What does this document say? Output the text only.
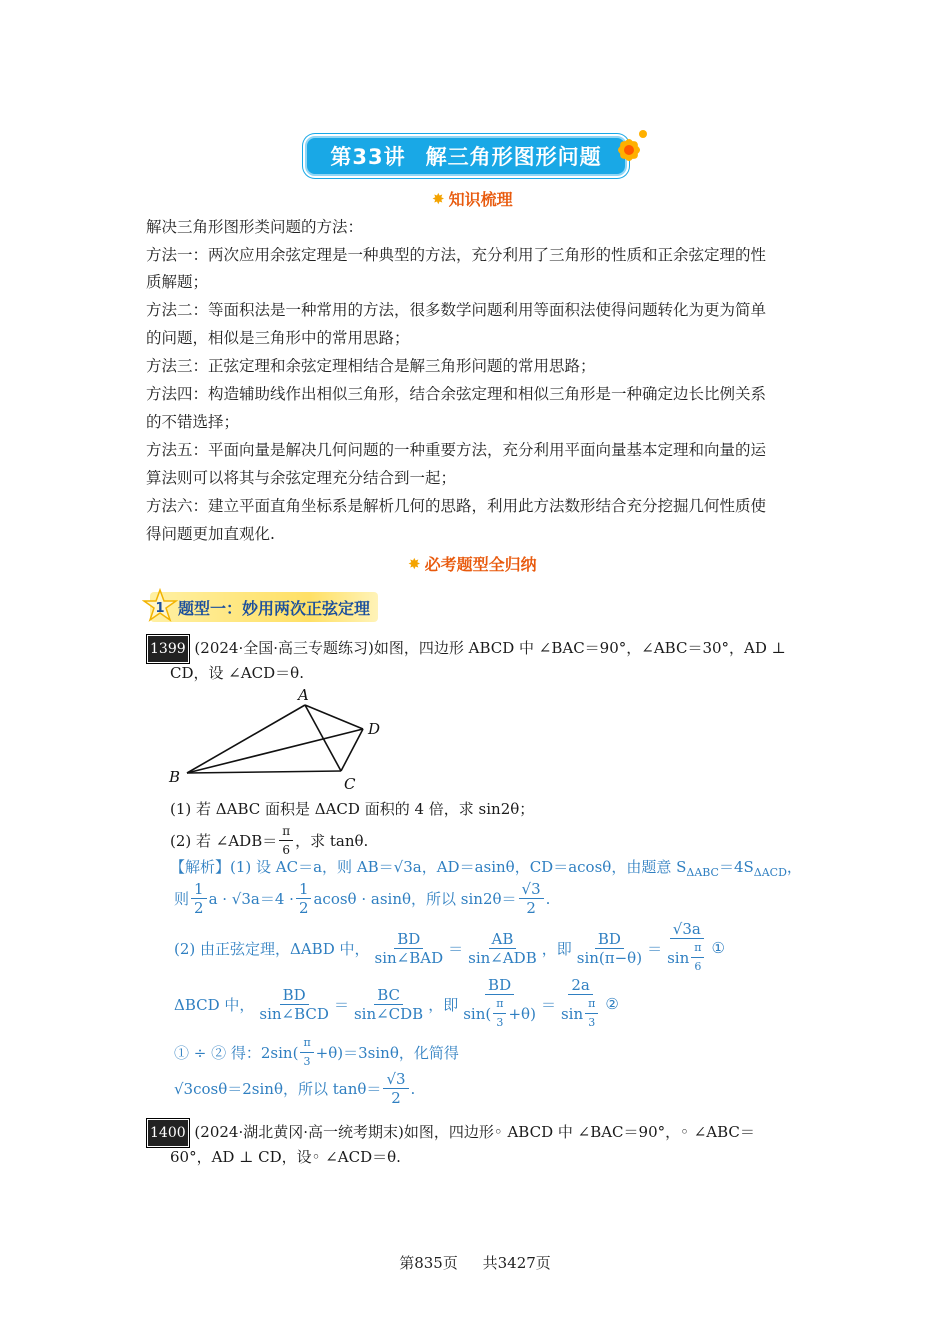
第33讲 解三角形图形问题
✸ 知识梳理
解决三角形图形类问题的方法：
方法一：两次应用余弦定理是一种典型的方法，充分利用了三角形的性质和正余弦定理的性
质解题；
方法二：等面积法是一种常用的方法，很多数学问题利用等面积法使得问题转化为更为简单
的问题，相似是三角形中的常用思路；
方法三：正弦定理和余弦定理相结合是解三角形问题的常用思路；
方法四：构造辅助线作出相似三角形，结合余弦定理和相似三角形是一种确定边长比例关系
的不错选择；
方法五：平面向量是解决几何问题的一种重要方法，充分利用平面向量基本定理和向量的运
算法则可以将其与余弦定理充分结合到一起；
方法六：建立平面直角坐标系是解析几何的思路，利用此方法数形结合充分挖掘几何性质使
得问题更加直观化.
✸ 必考题型全归纳
1 题型一：妙用两次正弦定理
1399 (2024·全国·高三专题练习)如图，四边形 ABCD 中 ∠BAC＝90°，∠ABC＝30°，AD ⊥
CD，设 ∠ACD＝θ.
A
B	C
D
(1) 若 ΔABC 面积是 ΔACD 面积的 4 倍，求 sin2θ；
(2) 若 ∠ADB＝ $\frac{\pi}{6}$ ，求 tanθ.
【解析】(1) 设 AC＝a，则 AB＝√3a，AD＝asinθ，CD＝acosθ，由题意 $S_{\Delta ABC}=4S_{\Delta ACD}$，
则 $\frac{1}{2}$ $a \cdot √3a=4 \cdot \frac{1}{2}$ acosθ · asinθ，所以 $\sin 2\theta= \frac{√3}{2}$ .
(2) 由正弦定理，ΔABD 中， $\frac{BD}{\text{sin∠BAD}} = \frac{AB}{\text{sin∠ADB}}$ ，即 $\frac{BD}{\sin(\pi-\theta)} = \frac{√3a}{\sin \frac{\pi}{6}}$ ①
ΔBCD 中， $\frac{BD}{\text{sin∠BCD}} = \frac{BC}{\text{sin∠CDB}}$ ，即 $\frac{BD}{\sin( \frac{\pi}{3} +\theta)} = \frac{2a}{\sin \frac{\pi}{3}}$ ②
① ÷ ② 得：$2\sin( \frac{\pi}{3} +\theta)=3\sin\theta$，化简得
√3cosθ＝2sinθ，所以 $\tan\theta= \frac{√3}{2}$ .
1400 (2024·湖北黄冈·高一统考期末)如图，四边形◦ ABCD 中 ∠BAC＝90°，◦ ∠ABC＝
60°，AD ⊥ CD，设◦ ∠ACD＝θ.
第835页 共3427页
